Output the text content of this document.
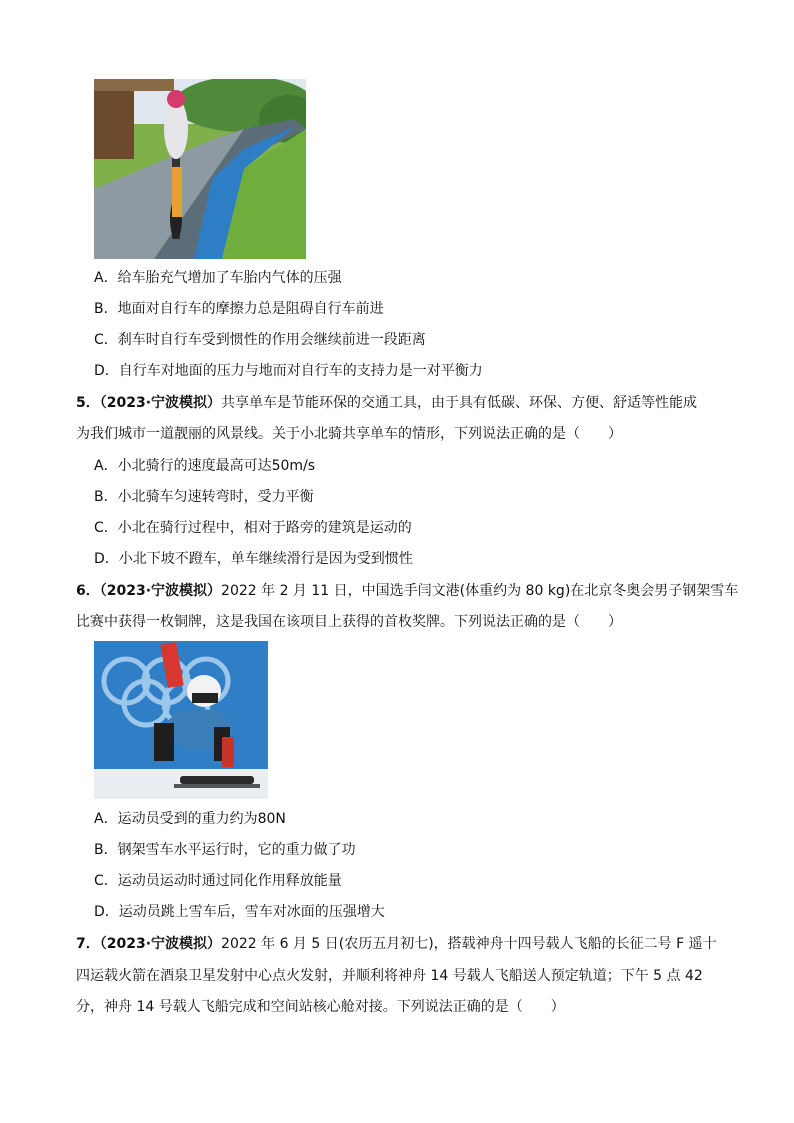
A．给车胎充气增加了车胎内气体的压强
B．地面对自行车的摩擦力总是阻碍自行车前进
C．刹车时自行车受到惯性的作用会继续前进一段距离
D．自行车对地面的压力与地而对自行车的支持力是一对平衡力
5．（2023·宁波模拟）共享单车是节能环保的交通工具，由于具有低碳、环保、方便、舒适等性能成
为我们城市一道靓丽的风景线。关于小北骑共享单车的情形，下列说法正确的是（　　）
A．小北骑行的速度最高可达50m/s
B．小北骑车匀速转弯时，受力平衡
C．小北在骑行过程中，相对于路旁的建筑是运动的
D．小北下坡不蹬车，单车继续滑行是因为受到惯性
6．（2023·宁波模拟）2022 年 2 月 11 日，中国选手闫文港(体重约为 80 kg)在北京冬奥会男子钢架雪车
比赛中获得一枚铜牌，这是我国在该项目上获得的首枚奖牌。下列说法正确的是（　　）
A．运动员受到的重力约为80N
B．钢架雪车水平运行时，它的重力做了功
C．运动员运动时通过同化作用释放能量
D．运动员跳上雪车后，雪车对冰面的压强增大
7．（2023·宁波模拟）2022 年 6 月 5 日(农历五月初七)，搭载神舟十四号载人飞船的长征二号 F 遥十
四运载火箭在酒泉卫星发射中心点火发射，并顺利将神舟 14 号载人飞船送人预定轨道；下午 5 点 42
分，神舟 14 号载人飞船完成和空间站核心舱对接。下列说法正确的是（　　）
